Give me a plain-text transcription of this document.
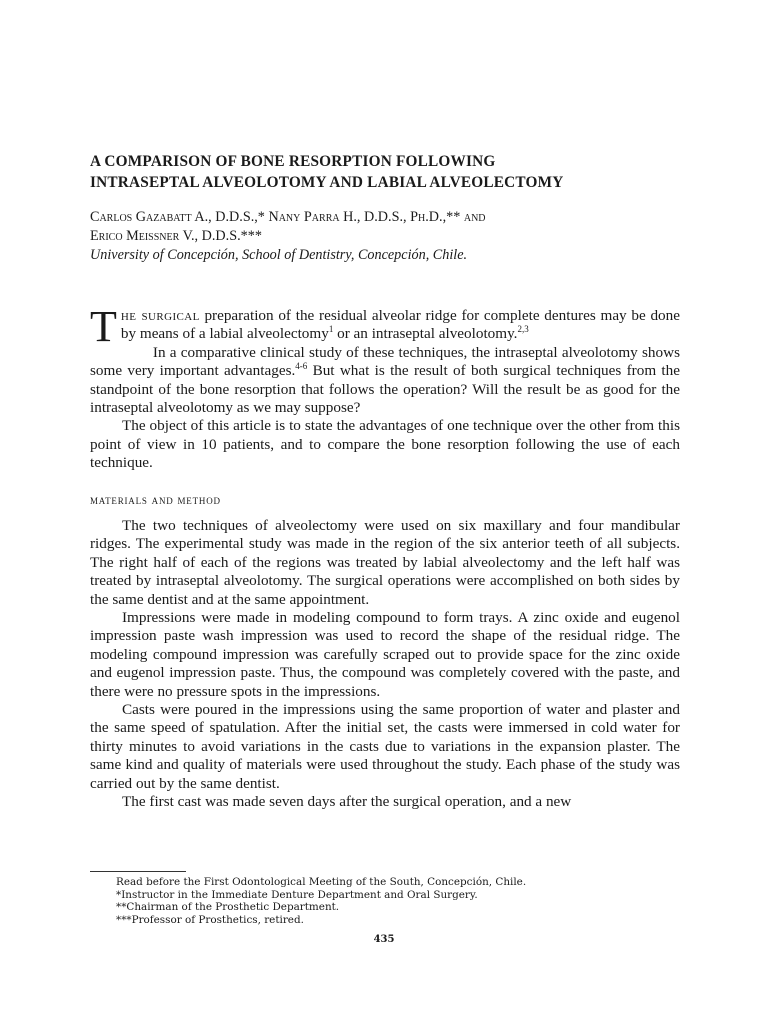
A COMPARISON OF BONE RESORPTION FOLLOWING
INTRASEPTAL ALVEOLOTOMY AND LABIAL ALVEOLECTOMY
Carlos Gazabatt A., D.D.S.,* Nany Parra H., D.D.S., Ph.D.,** and
Erico Meissner V., D.D.S.***
University of Concepción, School of Dentistry, Concepción, Chile.

The surgical preparation of the residual alveolar ridge for complete dentures may be done by means of a labial alveolectomy$^1$ or an intraseptal alveolotomy.$^{2,3}$

In a comparative clinical study of these techniques, the intraseptal alveolotomy shows some very important advantages.$^{4-6}$ But what is the result of both surgical techniques from the standpoint of the bone resorption that follows the operation? Will the result be as good for the intraseptal alveolotomy as we may suppose?

The object of this article is to state the advantages of one technique over the other from this point of view in 10 patients, and to compare the bone resorption following the use of each technique.

materials and method

The two techniques of alveolectomy were used on six maxillary and four mandibular ridges. The experimental study was made in the region of the six anterior teeth of all subjects. The right half of each of the regions was treated by labial alveolectomy and the left half was treated by intraseptal alveolotomy. The surgical operations were accomplished on both sides by the same dentist and at the same appointment.

Impressions were made in modeling compound to form trays. A zinc oxide and eugenol impression paste wash impression was used to record the shape of the residual ridge. The modeling compound impression was carefully scraped out to provide space for the zinc oxide and eugenol impression paste. Thus, the compound was completely covered with the paste, and there were no pressure spots in the impressions.

Casts were poured in the impressions using the same proportion of water and plaster and the same speed of spatulation. After the initial set, the casts were immersed in cold water for thirty minutes to avoid variations in the casts due to variations in the expansion plaster. The same kind and quality of materials were used throughout the study. Each phase of the study was carried out by the same dentist.

The first cast was made seven days after the surgical operation, and a new

Read before the First Odontological Meeting of the South, Concepción, Chile.
*Instructor in the Immediate Denture Department and Oral Surgery.
**Chairman of the Prosthetic Department.
***Professor of Prosthetics, retired.
435
